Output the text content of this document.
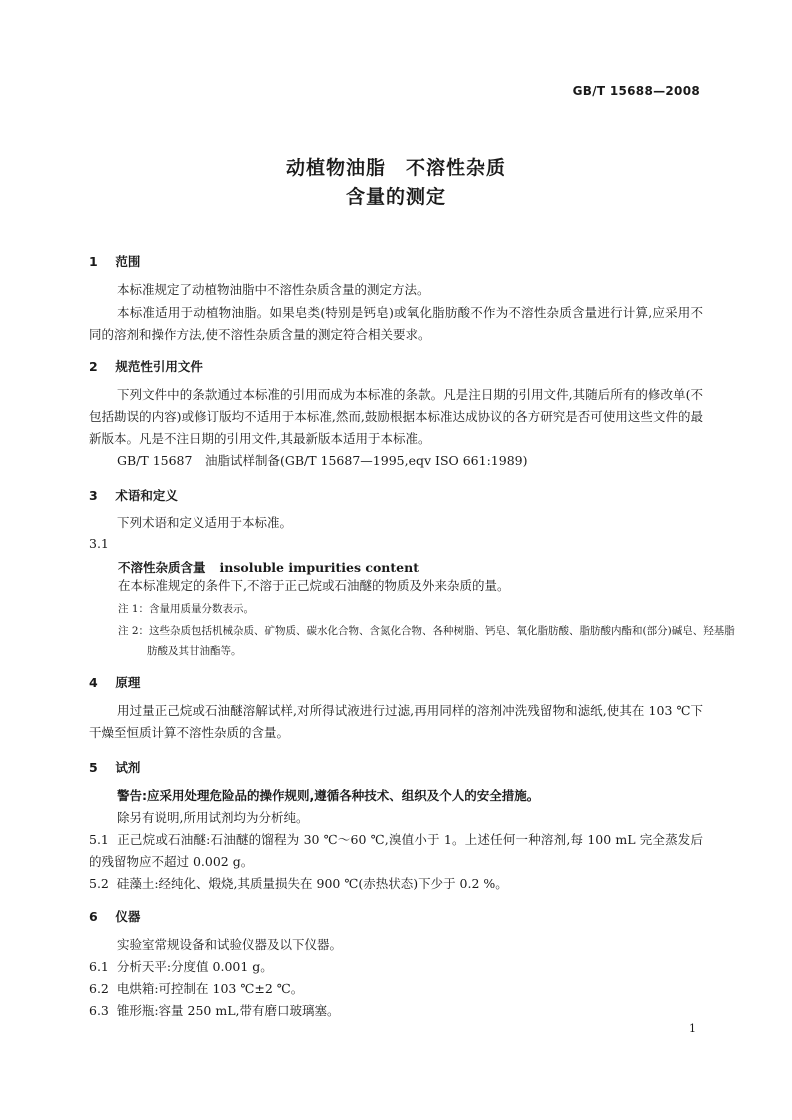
GB/T 15688—2008
动植物油脂　不溶性杂质
含量的测定
1 范围
本标准规定了动植物油脂中不溶性杂质含量的测定方法。
本标准适用于动植物油脂。如果皂类(特别是钙皂)或氧化脂肪酸不作为不溶性杂质含量进行计算,应采用不同的溶剂和操作方法,使不溶性杂质含量的测定符合相关要求。
2 规范性引用文件
下列文件中的条款通过本标准的引用而成为本标准的条款。凡是注日期的引用文件,其随后所有的修改单(不包括勘误的内容)或修订版均不适用于本标准,然而,鼓励根据本标准达成协议的各方研究是否可使用这些文件的最新版本。凡是不注日期的引用文件,其最新版本适用于本标准。
GB/T 15687　油脂试样制备(GB/T 15687—1995,eqv ISO 661:1989)
3 术语和定义
下列术语和定义适用于本标准。
3.1
不溶性杂质含量 insoluble impurities content
在本标准规定的条件下,不溶于正己烷或石油醚的物质及外来杂质的量。
注 1：含量用质量分数表示。
注 2：这些杂质包括机械杂质、矿物质、碳水化合物、含氮化合物、各种树脂、钙皂、氧化脂肪酸、脂肪酸内酯和(部分)碱皂、羟基脂肪酸及其甘油酯等。
4 原理
用过量正己烷或石油醚溶解试样,对所得试液进行过滤,再用同样的溶剂冲洗残留物和滤纸,使其在 103 ℃下干燥至恒质计算不溶性杂质的含量。
5 试剂
警告:应采用处理危险品的操作规则,遵循各种技术、组织及个人的安全措施。
除另有说明,所用试剂均为分析纯。
5.1 正己烷或石油醚:石油醚的馏程为 30 ℃～60 ℃,溴值小于 1。上述任何一种溶剂,每 100 mL 完全蒸发后的残留物应不超过 0.002 g。
5.2 硅藻土:经纯化、煅烧,其质量损失在 900 ℃(赤热状态)下少于 0.2 %。
6 仪器
实验室常规设备和试验仪器及以下仪器。
6.1 分析天平:分度值 0.001 g。
6.2 电烘箱:可控制在 103 ℃±2 ℃。
6.3 锥形瓶:容量 250 mL,带有磨口玻璃塞。
1
